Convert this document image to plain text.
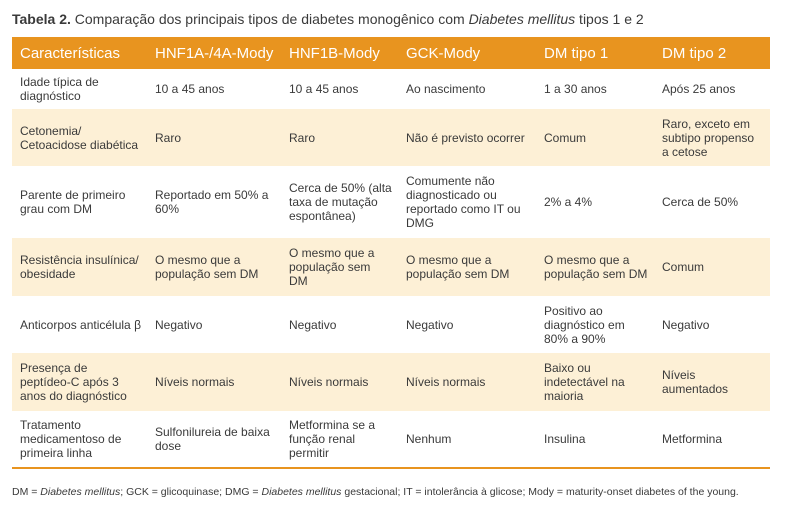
Tabela 2. Comparação dos principais tipos de diabetes monogênico com Diabetes mellitus tipos 1 e 2
Características	HNF1A-/4A-Mody	HNF1B-Mody	GCK-Mody	DM tipo 1	DM tipo 2
Idade típica de diagnóstico	10 a 45 anos	10 a 45 anos	Ao nascimento	1 a 30 anos	Após 25 anos
Cetonemia/ Cetoacidose diabética	Raro	Raro	Não é previsto ocorrer	Comum	Raro, exceto em subtipo propenso a cetose
Parente de primeiro grau com DM	Reportado em 50% a 60%	Cerca de 50% (alta taxa de mutação espontânea)	Comumente não diagnosticado ou reportado como IT ou DMG	2% a 4%	Cerca de 50%
Resistência insulínica/ obesidade	O mesmo que a população sem DM	O mesmo que a população sem DM	O mesmo que a população sem DM	O mesmo que a população sem DM	Comum
Anticorpos anticélula β	Negativo	Negativo	Negativo	Positivo ao diagnóstico em 80% a 90%	Negativo
Presença de peptídeo-C após 3 anos do diagnóstico	Níveis normais	Níveis normais	Níveis normais	Baixo ou indetectável na maioria	Níveis aumentados
Tratamento medicamentoso de primeira linha	Sulfonilureia de baixa dose	Metformina se a função renal permitir	Nenhum	Insulina	Metformina
DM = Diabetes mellitus; GCK = glicoquinase; DMG = Diabetes mellitus gestacional; IT = intolerância à glicose; Mody = maturity-onset diabetes of the young.
